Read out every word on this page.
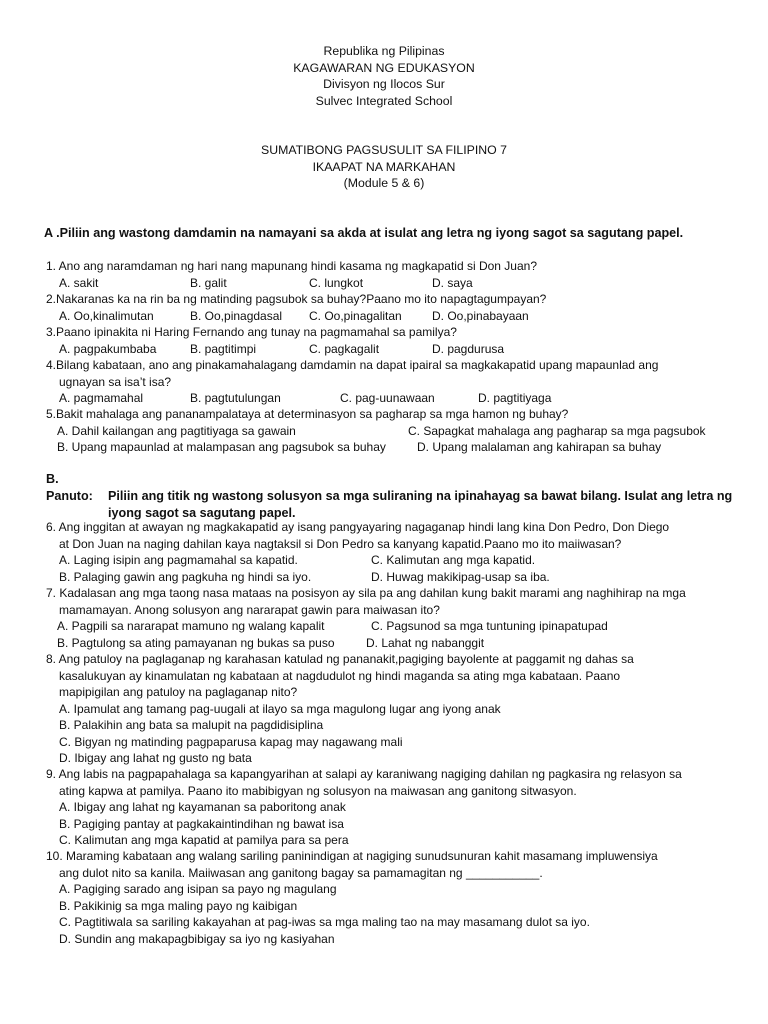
Republika ng Pilipinas
KAGAWARAN NG EDUKASYON
Divisyon ng Ilocos Sur
Sulvec Integrated School
SUMATIBONG PAGSUSULIT SA FILIPINO 7
IKAAPAT NA MARKAHAN
(Module 5 & 6)
A .Piliin ang wastong damdamin na namayani sa akda at isulat ang letra ng iyong sagot sa sagutang papel.
1. Ano ang naramdaman ng hari nang mapunang hindi kasama ng magkapatid si Don Juan?
A. sakit	B. galit	C. lungkot	D. saya
2.Nakaranas ka na rin ba ng matinding pagsubok sa buhay?Paano mo ito napagtagumpayan?
A. Oo,kinalimutan	B. Oo,pinagdasal C. Oo,pinagalitan	D. Oo,pinabayaan
3.Paano ipinakita ni Haring Fernando ang tunay na pagmamahal sa pamilya?
A. pagpakumbaba	B. pagtitimpi	C. pagkagalit	D. pagdurusa
4.Bilang kabataan, ano ang pinakamahalagang damdamin na dapat ipairal sa magkakapatid upang mapaunlad ang
ugnayan sa isa’t isa?
A. pagmamahal	B. pagtutulungan	C. pag-uunawaan	D. pagtitiyaga
5.Bakit mahalaga ang pananampalataya at determinasyon sa pagharap sa mga hamon ng buhay?
A. Dahil kailangan ang pagtitiyaga sa gawain	C. Sapagkat mahalaga ang pagharap sa mga pagsubok
B. Upang mapaunlad at malampasan ang pagsubok sa buhay	D. Upang malalaman ang kahirapan sa buhay
B. Panuto: Piliin ang titik ng wastong solusyon sa mga suliraning na ipinahayag sa bawat bilang. Isulat ang letra ng
iyong sagot sa sagutang papel.
6. Ang inggitan at awayan ng magkakapatid ay isang pangyayaring nagaganap hindi lang kina Don Pedro, Don Diego
at Don Juan na naging dahilan kaya nagtaksil si Don Pedro sa kanyang kapatid.Paano mo ito maiiwasan?
A. Laging isipin ang pagmamahal sa kapatid.	C. Kalimutan ang mga kapatid.
B. Palaging gawin ang pagkuha ng hindi sa iyo.	D. Huwag makikipag-usap sa iba.
7. Kadalasan ang mga taong nasa mataas na posisyon ay sila pa ang dahilan kung bakit marami ang naghihirap na mga
mamamayan. Anong solusyon ang nararapat gawin para maiwasan ito?
A. Pagpili sa nararapat mamuno ng walang kapalit	C. Pagsunod sa mga tuntuning ipinapatupad
B. Pagtulong sa ating pamayanan ng bukas sa puso	D. Lahat ng nabanggit
8. Ang patuloy na paglaganap ng karahasan katulad ng pananakit,pagiging bayolente at paggamit ng dahas sa
kasalukuyan ay kinamulatan ng kabataan at nagdudulot ng hindi maganda sa ating mga kabataan. Paano
mapipigilan ang patuloy na paglaganap nito?
A. Ipamulat ang tamang pag-uugali at ilayo sa mga magulong lugar ang iyong anak
B. Palakihin ang bata sa malupit na pagdidisiplina
C. Bigyan ng matinding pagpaparusa kapag may nagawang mali
D. Ibigay ang lahat ng gusto ng bata
9. Ang labis na pagpapahalaga sa kapangyarihan at salapi ay karaniwang nagiging dahilan ng pagkasira ng relasyon sa
ating kapwa at pamilya. Paano ito mabibigyan ng solusyon na maiwasan ang ganitong sitwasyon.
A. Ibigay ang lahat ng kayamanan sa paboritong anak
B. Pagiging pantay at pagkakaintindihan ng bawat isa
C. Kalimutan ang mga kapatid at pamilya para sa pera
10. Maraming kabataan ang walang sariling paninindigan at nagiging sunudsunuran kahit masamang impluwensiya
ang dulot nito sa kanila. Maiiwasan ang ganitong bagay sa pamamagitan ng ___________.
A. Pagiging sarado ang isipan sa payo ng magulang
B. Pakikinig sa mga maling payo ng kaibigan
C. Pagtitiwala sa sariling kakayahan at pag-iwas sa mga maling tao na may masamang dulot sa iyo.
D. Sundin ang makapagbibigay sa iyo ng kasiyahan
